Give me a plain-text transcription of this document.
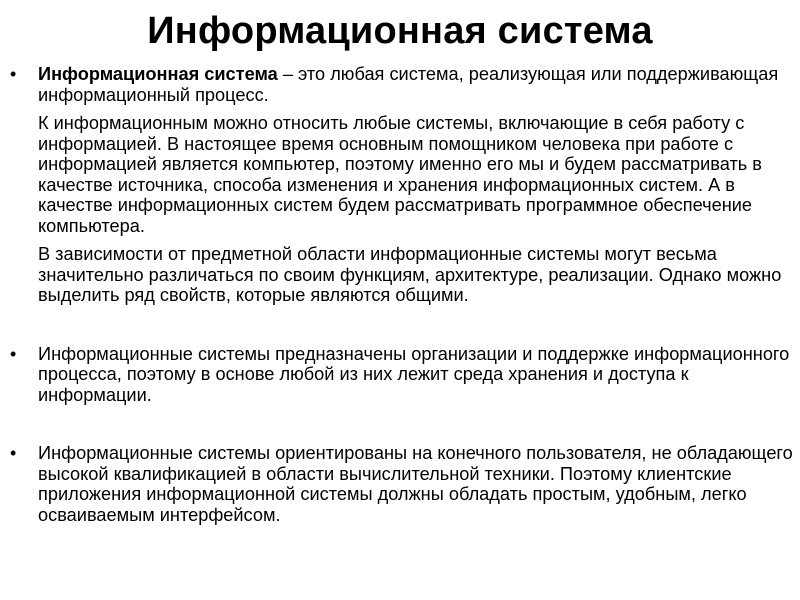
Информационная система
•	Информационная система – это любая система, реализующая или поддерживающая информационный процесс.

К информационным можно относить любые системы, включающие в себя работу с информацией. В настоящее время основным помощником человека при работе с информацией является компьютер, поэтому именно его мы и будем рассматривать в качестве источника, способа изменения и хранения информационных систем. А в качестве информационных систем будем рассматривать программное обеспечение компьютера.

В зависимости от предметной области информационные системы могут весьма значительно различаться по своим функциям, архитектуре, реализации. Однако можно выделить ряд свойств, которые являются общими.

•	Информационные системы предназначены организации и поддержке информационного процесса, поэтому в основе любой из них лежит среда хранения и доступа к информации.

•	Информационные системы ориентированы на конечного пользователя, не обладающего высокой квалификацией в области вычислительной техники. Поэтому клиентские приложения информационной системы должны обладать простым, удобным, легко осваиваемым интерфейсом.
